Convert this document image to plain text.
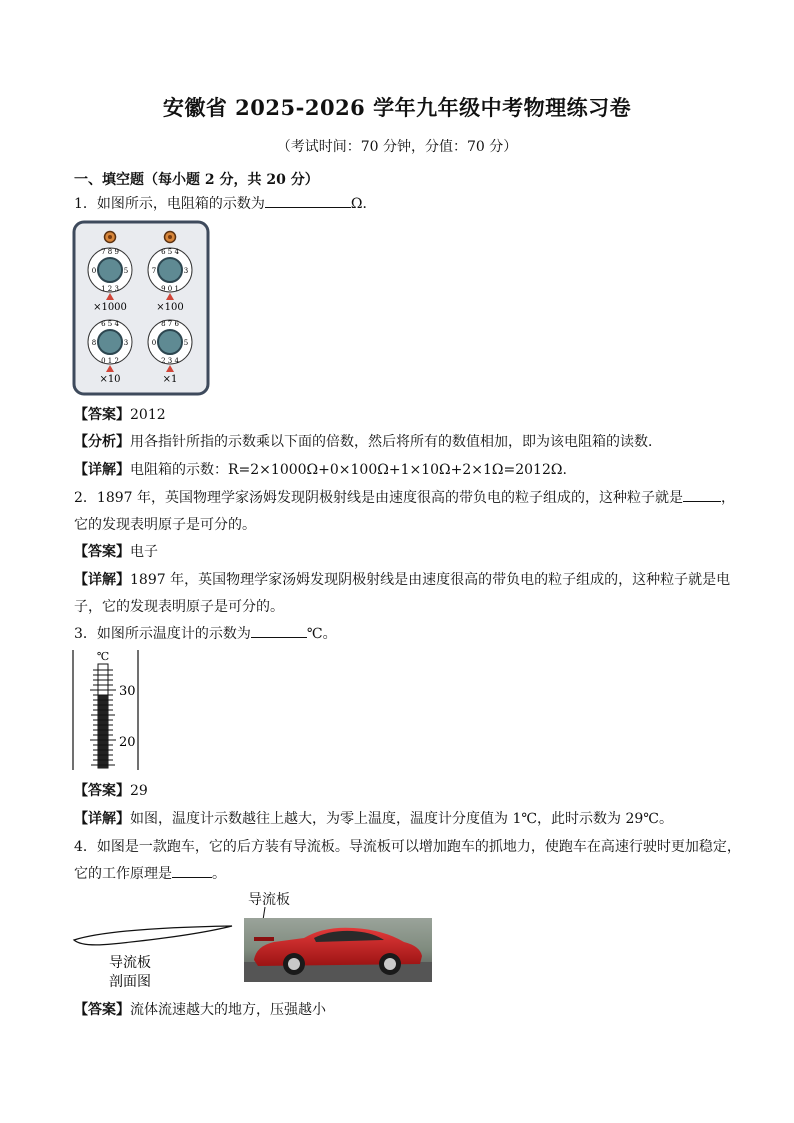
安徽省 2025-2026 学年九年级中考物理练习卷
（考试时间：70 分钟，分值：70 分）
一、填空题（每小题 2 分，共 20 分）
1．如图所示，电阻箱的示数为	Ω．
7 8 9
0	5
1 2 3
×1000
6 5 4
7	3
9 0 1
×100
6 5 4
8	3
0 1 2
×10
8 7 6
0	5
2 3 4
×1
【答案】2012
【分析】用各指针所指的示数乘以下面的倍数，然后将所有的数值相加，即为该电阻箱的读数．
【详解】电阻箱的示数：R=2×1000Ω+0×100Ω+1×10Ω+2×1Ω=2012Ω.
2．1897 年，英国物理学家汤姆发现阴极射线是由速度很高的带负电的粒子组成的，这种粒子就是	，
它的发现表明原子是可分的。
【答案】电子
【详解】1897 年，英国物理学家汤姆发现阴极射线是由速度很高的带负电的粒子组成的，这种粒子就是电
子，它的发现表明原子是可分的。
3．如图所示温度计的示数为	℃。
℃
30
20
【答案】29
【详解】如图，温度计示数越往上越大，为零上温度，温度计分度值为 1℃，此时示数为 29℃。
4．如图是一款跑车，它的后方装有导流板。导流板可以增加跑车的抓地力，使跑车在高速行驶时更加稳定，
它的工作原理是	。
导流板
剖面图
导流板
【答案】流体流速越大的地方，压强越小
